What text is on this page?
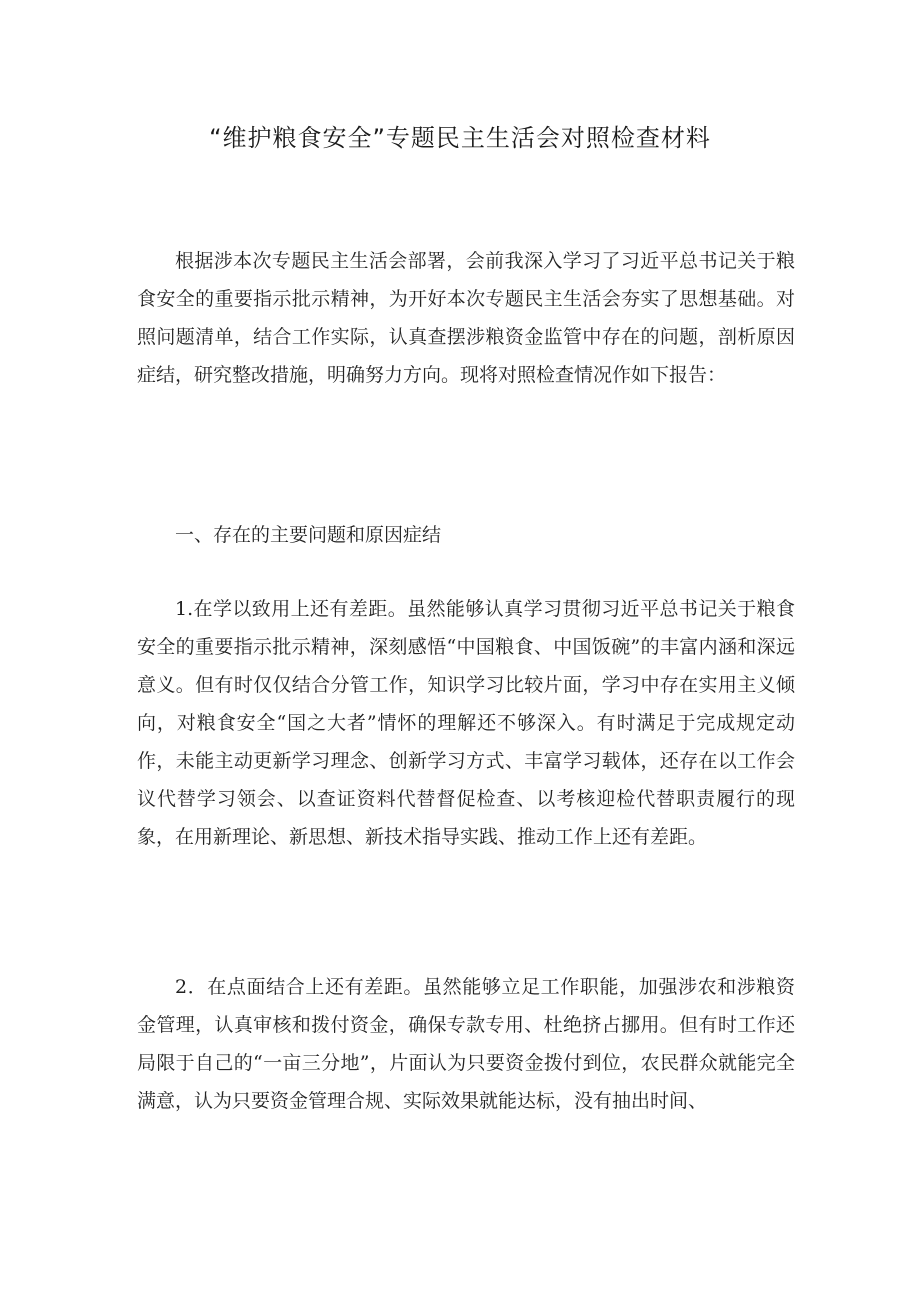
“维护粮食安全”专题民主生活会对照检查材料

根据涉本次专题民主生活会部署，会前我深入学习了习近平总书记关于粮食安全的重要指示批示精神，为开好本次专题民主生活会夯实了思想基础。对照问题清单，结合工作实际，认真查摆涉粮资金监管中存在的问题，剖析原因症结，研究整改措施，明确努力方向。现将对照检查情况作如下报告：

一、存在的主要问题和原因症结

1.在学以致用上还有差距。虽然能够认真学习贯彻习近平总书记关于粮食安全的重要指示批示精神，深刻感悟“中国粮食、中国饭碗”的丰富内涵和深远意义。但有时仅仅结合分管工作，知识学习比较片面，学习中存在实用主义倾向，对粮食安全“国之大者”情怀的理解还不够深入。有时满足于完成规定动作，未能主动更新学习理念、创新学习方式、丰富学习载体，还存在以工作会议代替学习领会、以查证资料代替督促检查、以考核迎检代替职责履行的现象，在用新理论、新思想、新技术指导实践、推动工作上还有差距。

2．在点面结合上还有差距。虽然能够立足工作职能，加强涉农和涉粮资金管理，认真审核和拨付资金，确保专款专用、杜绝挤占挪用。但有时工作还局限于自己的“一亩三分地”，片面认为只要资金拨付到位，农民群众就能完全满意，认为只要资金管理合规、实际效果就能达标，没有抽出时间、
